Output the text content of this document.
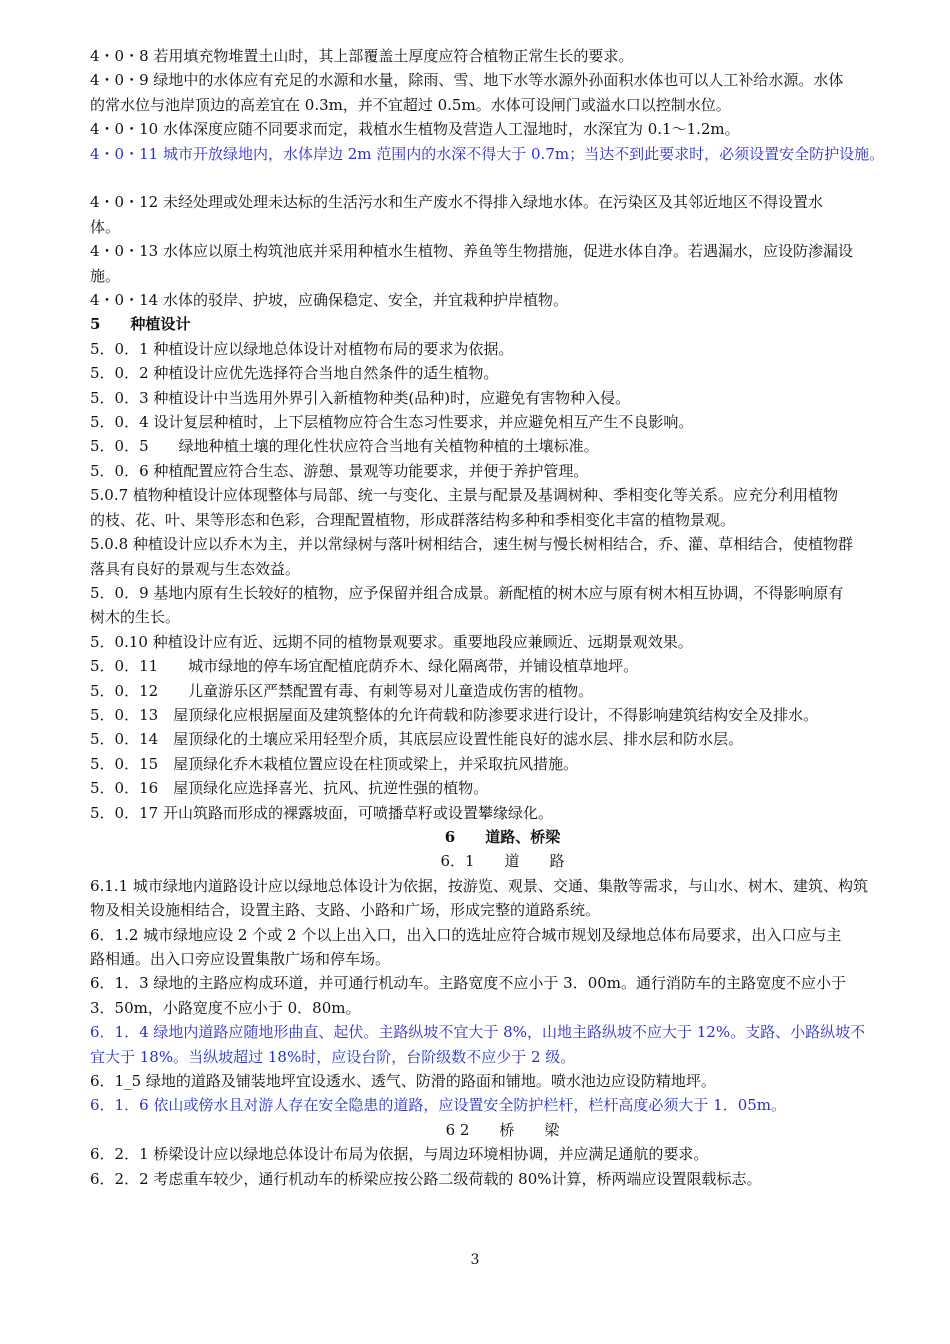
4・0・8 若用填充物堆置土山时，其上部覆盖土厚度应符合植物正常生长的要求。

4・0・9 绿地中的水体应有充足的水源和水量，除雨、雪、地下水等水源外孙面积水体也可以人工补给水源。水体

的常水位与池岸顶边的高差宜在 0.3m，并不宜超过 0.5m。水体可设闸门或溢水口以控制水位。

4・0・10 水体深度应随不同要求而定，栽植水生植物及营造人工湿地时，水深宜为 0.1～1.2m。

4・0・11 城市开放绿地内，水体岸边 2m 范围内的水深不得大于 0.7m；当达不到此要求时，必须设置安全防护设施。

4・0・12 未经处理或处理未达标的生活污水和生产废水不得排入绿地水体。在污染区及其邻近地区不得设置水

体。

4・0・13 水体应以原土构筑池底并采用种植水生植物、养鱼等生物措施，促进水体自净。若遇漏水，应设防渗漏设

施。

4・0・14 水体的驳岸、护坡，应确保稳定、安全，并宜栽种护岸植物。

5　　种植设计

5．0．1 种植设计应以绿地总体设计对植物布局的要求为依据。

5．0．2 种植设计应优先选择符合当地自然条件的适生植物。

5．0．3 种植设计中当选用外界引入新植物种类(品种)时，应避免有害物种入侵。

5．0．4 设计复层种植时，上下层植物应符合生态习性要求，并应避免相互产生不良影响。

5．0．5　　绿地种植土壤的理化性状应符合当地有关植物种植的土壤标准。

5．0．6 种植配置应符合生态、游憩、景观等功能要求，并便于养护管理。

5.0.7 植物种植设计应体现整体与局部、统一与变化、主景与配景及基调树种、季相变化等关系。应充分利用植物

的枝、花、叶、果等形态和色彩，合理配置植物，形成群落结构多种和季相变化丰富的植物景观。

5.0.8 种植设计应以乔木为主，并以常绿树与落叶树相结合，速生树与慢长树相结合，乔、灌、草相结合，使植物群

落具有良好的景观与生态效益。

5．0．9 基地内原有生长较好的植物，应予保留并组合成景。新配植的树木应与原有树木相互协调，不得影响原有

树木的生长。

5．0.10 种植设计应有近、远期不同的植物景观要求。重要地段应兼顾近、远期景观效果。

5．0．11　　城市绿地的停车场宜配植庇荫乔木、绿化隔离带，并铺设植草地坪。

5．0．12　　儿童游乐区严禁配置有毒、有刺等易对儿童造成伤害的植物。

5．0．13　屋顶绿化应根据屋面及建筑整体的允许荷载和防渗要求进行设计，不得影响建筑结构安全及排水。

5．0．14　屋顶绿化的土壤应采用轻型介质，其底层应设置性能良好的滤水层、排水层和防水层。

5．0．15　屋顶绿化乔木栽植位置应设在柱顶或梁上，并采取抗风措施。

5．0．16　屋顶绿化应选择喜光、抗风、抗逆性强的植物。

5．0．17 开山筑路而形成的裸露坡面，可喷播草籽或设置攀缘绿化。

6　　道路、桥梁

6．1　　道　　路

6.1.1 城市绿地内道路设计应以绿地总体设计为依据，按游览、观景、交通、集散等需求，与山水、树木、建筑、构筑

物及相关设施相结合，设置主路、支路、小路和广场，形成完整的道路系统。

6．1.2 城市绿地应设 2 个或 2 个以上出入口，出入口的选址应符合城市规划及绿地总体布局要求，出入口应与主

路相通。出入口旁应设置集散广场和停车场。

6．1．3 绿地的主路应构成环道，并可通行机动车。主路宽度不应小于 3．00m。通行消防车的主路宽度不应小于

3．50m，小路宽度不应小于 0．80m。

6．1．4 绿地内道路应随地形曲直、起伏。主路纵坡不宜大于 8%，山地主路纵坡不应大于 12%。支路、小路纵坡不

宜大于 18%。当纵坡超过 18%时，应设台阶，台阶级数不应少于 2 级。

6．1_5 绿地的道路及铺装地坪宜设透水、透气、防滑的路面和铺地。喷水池边应设防精地坪。

6．1．6 依山或傍水且对游人存在安全隐患的道路，应设置安全防护栏杆，栏杆高度必须大于 1．05m。

6 2　　桥　　梁

6．2．1 桥梁设计应以绿地总体设计布局为依据，与周边环境相协调，并应满足通航的要求。

6．2．2 考虑重车较少，通行机动车的桥梁应按公路二级荷载的 80%计算，桥两端应设置限载标志。

3
